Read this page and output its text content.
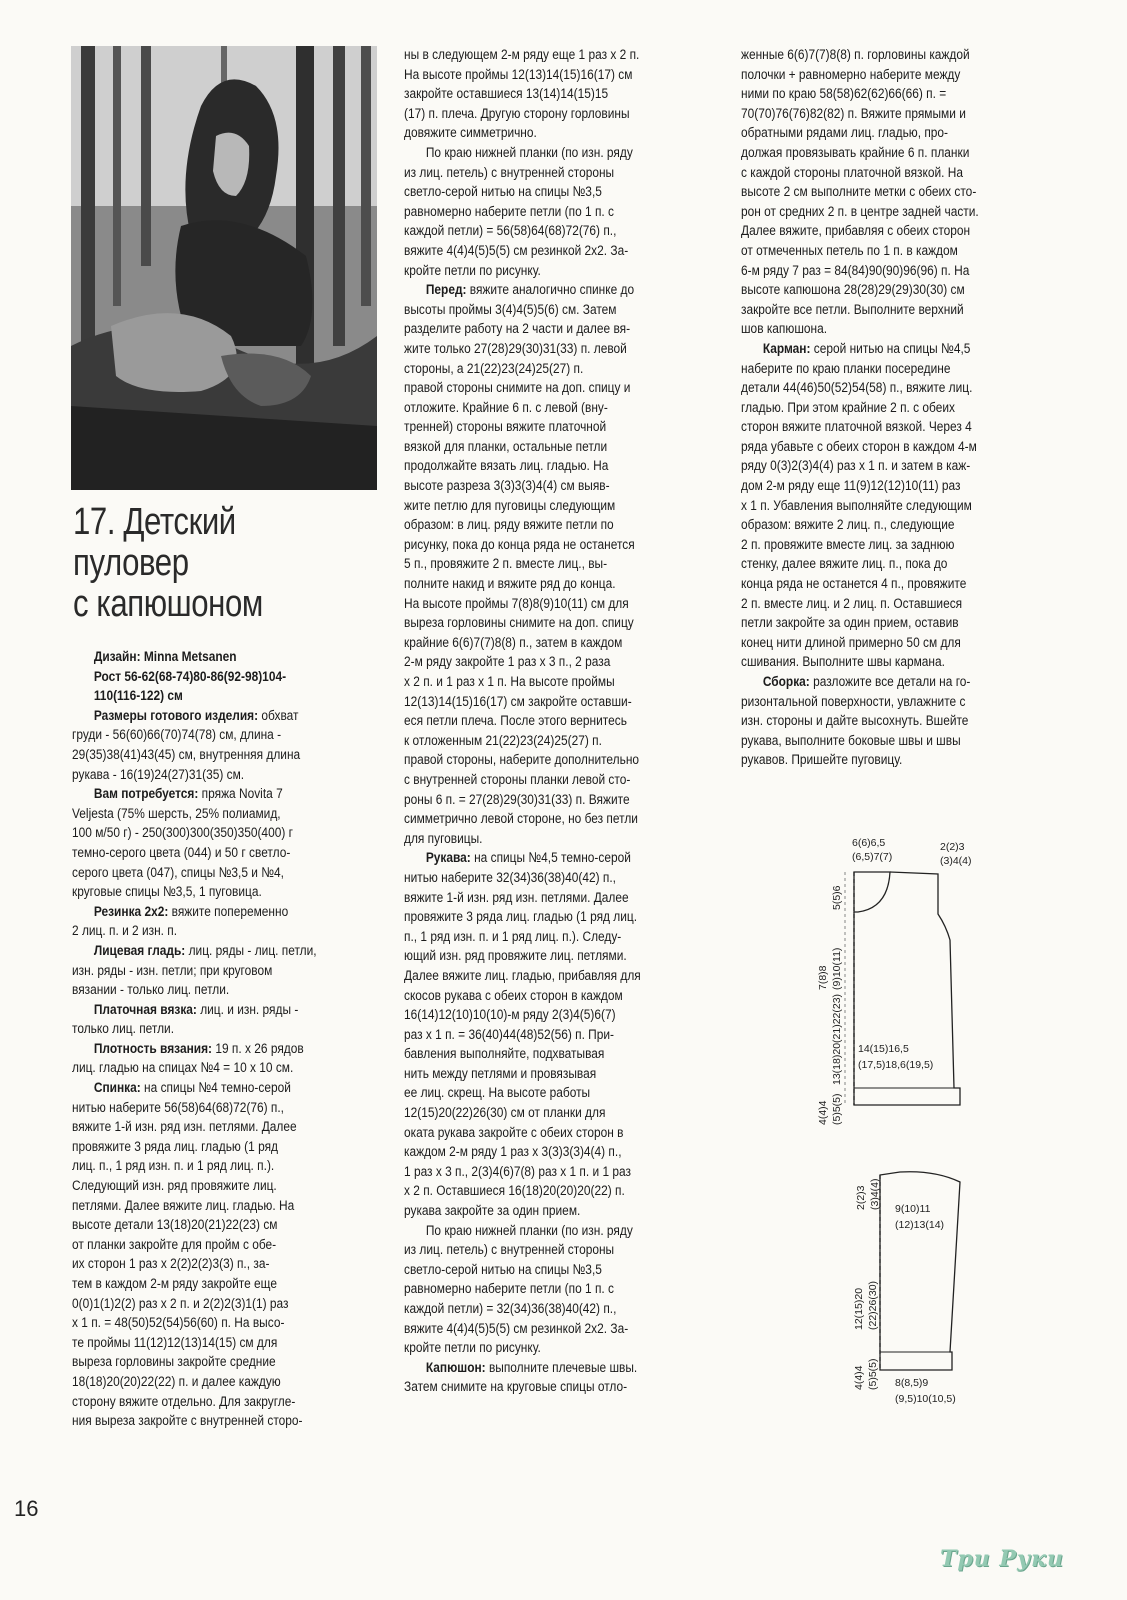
17. Детский
пуловер
с капюшоном
Дизайн: Minna Metsanen
Рост 56-62(68-74)80-86(92-98)104-
110(116-122) см
Размеры готового изделия: обхват
груди - 56(60)66(70)74(78) см, длина -
29(35)38(41)43(45) см, внутренняя длина
рукава - 16(19)24(27)31(35) см.
Вам потребуется: пряжа Novita 7
Veljesta (75% шерсть, 25% полиамид,
100 м/50 г) - 250(300)300(350)350(400) г
темно-серого цвета (044) и 50 г светло-
серого цвета (047), спицы №3,5 и №4,
круговые спицы №3,5, 1 пуговица.
Резинка 2х2: вяжите попеременно
2 лиц. п. и 2 изн. п.
Лицевая гладь: лиц. ряды - лиц. петли,
изн. ряды - изн. петли; при круговом
вязании - только лиц. петли.
Платочная вязка: лиц. и изн. ряды -
только лиц. петли.
Плотность вязания: 19 п. х 26 рядов
лиц. гладью на спицах №4 = 10 х 10 см.
Спинка: на спицы №4 темно-серой
нитью наберите 56(58)64(68)72(76) п.,
вяжите 1-й изн. ряд изн. петлями. Далее
провяжите 3 ряда лиц. гладью (1 ряд
лиц. п., 1 ряд изн. п. и 1 ряд лиц. п.).
Следующий изн. ряд провяжите лиц.
петлями. Далее вяжите лиц. гладью. На
высоте детали 13(18)20(21)22(23) см
от планки закройте для пройм с обе-
их сторон 1 раз х 2(2)2(2)3(3) п., за-
тем в каждом 2-м ряду закройте еще
0(0)1(1)2(2) раз х 2 п. и 2(2)2(3)1(1) раз
х 1 п. = 48(50)52(54)56(60) п. На высо-
те проймы 11(12)12(13)14(15) см для
выреза горловины закройте средние
18(18)20(20)22(22) п. и далее каждую
сторону вяжите отдельно. Для закругле-
ния выреза закройте с внутренней сторо-
ны в следующем 2-м ряду еще 1 раз х 2 п.
На высоте проймы 12(13)14(15)16(17) см
закройте оставшиеся 13(14)14(15)15
(17) п. плеча. Другую сторону горловины
довяжите симметрично.
По краю нижней планки (по изн. ряду
из лиц. петель) с внутренней стороны
светло-серой нитью на спицы №3,5
равномерно наберите петли (по 1 п. с
каждой петли) = 56(58)64(68)72(76) п.,
вяжите 4(4)4(5)5(5) см резинкой 2х2. За-
кройте петли по рисунку.
Перед: вяжите аналогично спинке до
высоты проймы 3(4)4(5)5(6) см. Затем
разделите работу на 2 части и далее вя-
жите только 27(28)29(30)31(33) п. левой
стороны, а 21(22)23(24)25(27) п.
правой стороны снимите на доп. спицу и
отложите. Крайние 6 п. с левой (вну-
тренней) стороны вяжите платочной
вязкой для планки, остальные петли
продолжайте вязать лиц. гладью. На
высоте разреза 3(3)3(3)4(4) см выяв-
жите петлю для пуговицы следующим
образом: в лиц. ряду вяжите петли по
рисунку, пока до конца ряда не останется
5 п., провяжите 2 п. вместе лиц., вы-
полните накид и вяжите ряд до конца.
На высоте проймы 7(8)8(9)10(11) см для
выреза горловины снимите на доп. спицу
крайние 6(6)7(7)8(8) п., затем в каждом
2-м ряду закройте 1 раз х 3 п., 2 раза
х 2 п. и 1 раз х 1 п. На высоте проймы
12(13)14(15)16(17) см закройте оставши-
еся петли плеча. После этого вернитесь
к отложенным 21(22)23(24)25(27) п.
правой стороны, наберите дополнительно
с внутренней стороны планки левой сто-
роны 6 п. = 27(28)29(30)31(33) п. Вяжите
симметрично левой стороне, но без петли
для пуговицы.
Рукава: на спицы №4,5 темно-серой
нитью наберите 32(34)36(38)40(42) п.,
вяжите 1-й изн. ряд изн. петлями. Далее
провяжите 3 ряда лиц. гладью (1 ряд лиц.
п., 1 ряд изн. п. и 1 ряд лиц. п.). Следу-
ющий изн. ряд провяжите лиц. петлями.
Далее вяжите лиц. гладью, прибавляя для
скосов рукава с обеих сторон в каждом
16(14)12(10)10(10)-м ряду 2(3)4(5)6(7)
раз х 1 п. = 36(40)44(48)52(56) п. При-
бавления выполняйте, подхватывая
нить между петлями и провязывая
ее лиц. скрещ. На высоте работы
12(15)20(22)26(30) см от планки для
оката рукава закройте с обеих сторон в
каждом 2-м ряду 1 раз х 3(3)3(3)4(4) п.,
1 раз х 3 п., 2(3)4(6)7(8) раз х 1 п. и 1 раз
х 2 п. Оставшиеся 16(18)20(20)20(22) п.
рукава закройте за один прием.
По краю нижней планки (по изн. ряду
из лиц. петель) с внутренней стороны
светло-серой нитью на спицы №3,5
равномерно наберите петли (по 1 п. с
каждой петли) = 32(34)36(38)40(42) п.,
вяжите 4(4)4(5)5(5) см резинкой 2х2. За-
кройте петли по рисунку.
Капюшон: выполните плечевые швы.
Затем снимите на круговые спицы отло-
женные 6(6)7(7)8(8) п. горловины каждой
полочки + равномерно наберите между
ними по краю 58(58)62(62)66(66) п. =
70(70)76(76)82(82) п. Вяжите прямыми и
обратными рядами лиц. гладью, про-
должая провязывать крайние 6 п. планки
с каждой стороны платочной вязкой. На
высоте 2 см выполните метки с обеих сто-
рон от средних 2 п. в центре задней части.
Далее вяжите, прибавляя с обеих сторон
от отмеченных петель по 1 п. в каждом
6-м ряду 7 раз = 84(84)90(90)96(96) п. На
высоте капюшона 28(28)29(29)30(30) см
закройте все петли. Выполните верхний
шов капюшона.
Карман: серой нитью на спицы №4,5
наберите по краю планки посередине
детали 44(46)50(52)54(58) п., вяжите лиц.
гладью. При этом крайние 2 п. с обеих
сторон вяжите платочной вязкой. Через 4
ряда убавьте с обеих сторон в каждом 4-м
ряду 0(3)2(3)4(4) раз х 1 п. и затем в каж-
дом 2-м ряду еще 11(9)12(12)10(11) раз
х 1 п. Убавления выполняйте следующим
образом: вяжите 2 лиц. п., следующие
2 п. провяжите вместе лиц. за заднюю
стенку, далее вяжите лиц. п., пока до
конца ряда не останется 4 п., провяжите
2 п. вместе лиц. и 2 лиц. п. Оставшиеся
петли закройте за один прием, оставив
конец нити длиной примерно 50 см для
сшивания. Выполните швы кармана.
Сборка: разложите все детали на го-
ризонтальной поверхности, увлажните с
изн. стороны и дайте высохнуть. Вшейте
рукава, выполните боковые швы и швы
рукавов. Пришейте пуговицу.
6(6)6,5
(6,5)7(7)
2(2)3
(3)4(4)
5(5)6
7(8)8 (9)10(11)
13(18)20(21)22(23) 14(15)16,5
(17,5)18,6(19,5)
4(4)4 (5)5(5)
2(2)3 (3)4(4) 9(10)11
(12)13(14)
12(15)20 (22)26(30)
4(4)4 (5)5(5) 8(8,5)9
(9,5)10(10,5)
16
Три Руки
